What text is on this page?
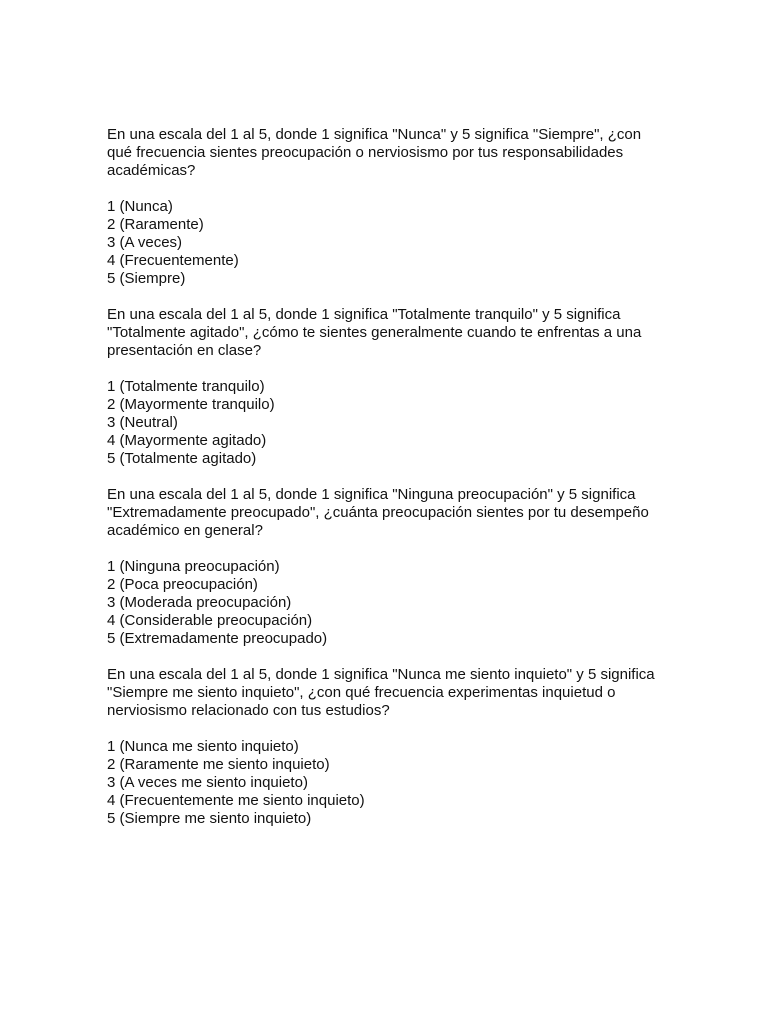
En una escala del 1 al 5, donde 1 significa "Nunca" y 5 significa "Siempre", ¿con
qué frecuencia sientes preocupación o nerviosismo por tus responsabilidades
académicas?

1 (Nunca)
2 (Raramente)
3 (A veces)
4 (Frecuentemente)
5 (Siempre)

En una escala del 1 al 5, donde 1 significa "Totalmente tranquilo" y 5 significa
"Totalmente agitado", ¿cómo te sientes generalmente cuando te enfrentas a una
presentación en clase?

1 (Totalmente tranquilo)
2 (Mayormente tranquilo)
3 (Neutral)
4 (Mayormente agitado)
5 (Totalmente agitado)

En una escala del 1 al 5, donde 1 significa "Ninguna preocupación" y 5 significa
"Extremadamente preocupado", ¿cuánta preocupación sientes por tu desempeño
académico en general?

1 (Ninguna preocupación)
2 (Poca preocupación)
3 (Moderada preocupación)
4 (Considerable preocupación)
5 (Extremadamente preocupado)

En una escala del 1 al 5, donde 1 significa "Nunca me siento inquieto" y 5 significa
"Siempre me siento inquieto", ¿con qué frecuencia experimentas inquietud o
nerviosismo relacionado con tus estudios?

1 (Nunca me siento inquieto)
2 (Raramente me siento inquieto)
3 (A veces me siento inquieto)
4 (Frecuentemente me siento inquieto)
5 (Siempre me siento inquieto)
